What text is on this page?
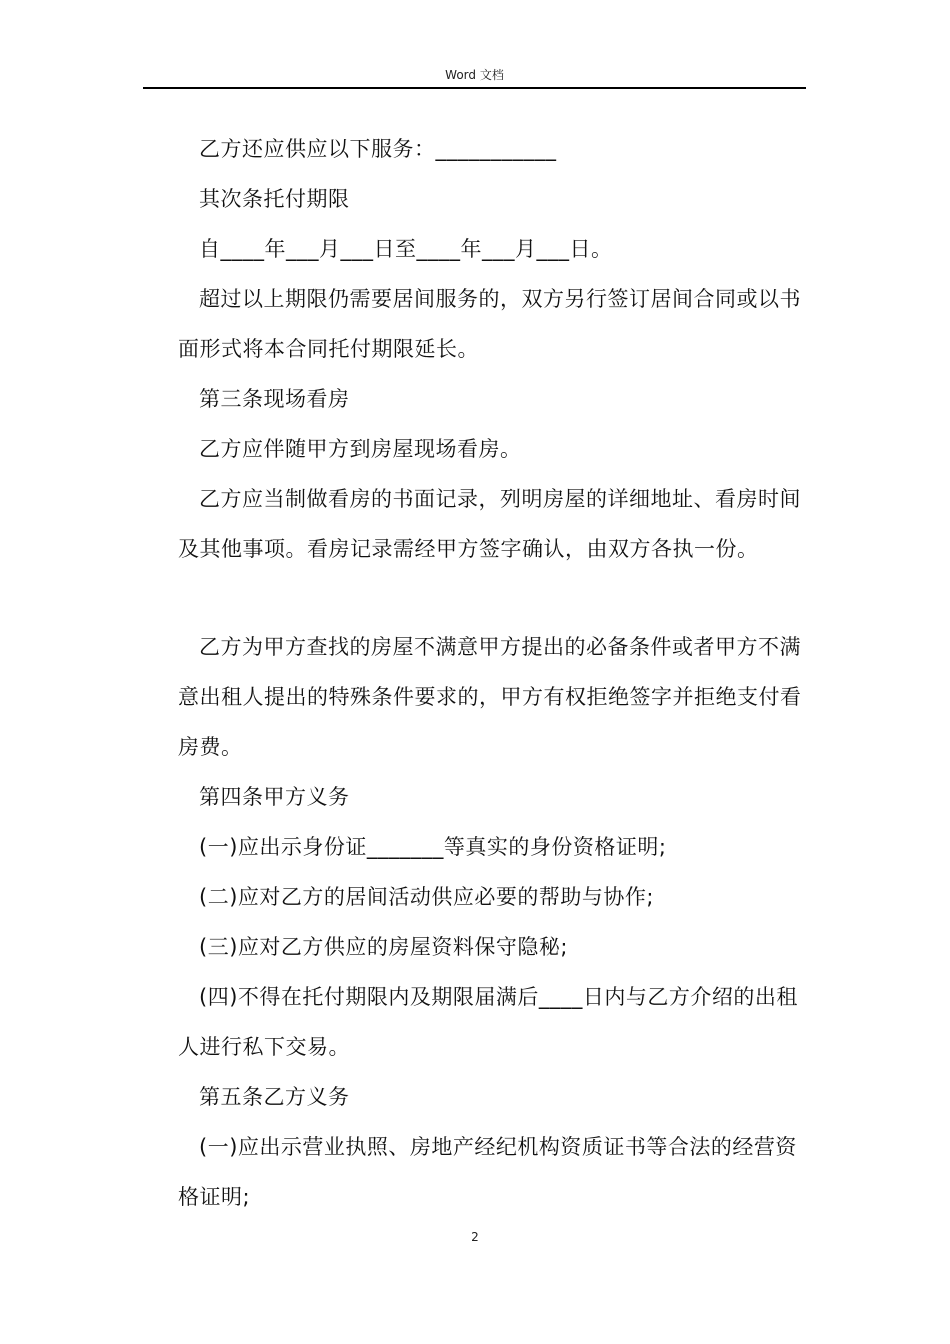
Word 文档

乙方还应供应以下服务：___________

其次条托付期限

自____年___月___日至____年___月___日。

超过以上期限仍需要居间服务的，双方另行签订居间合同或以书面形式将本合同托付期限延长。

第三条现场看房

乙方应伴随甲方到房屋现场看房。

乙方应当制做看房的书面记录，列明房屋的详细地址、看房时间及其他事项。看房记录需经甲方签字确认，由双方各执一份。

乙方为甲方查找的房屋不满意甲方提出的必备条件或者甲方不满意出租人提出的特殊条件要求的，甲方有权拒绝签字并拒绝支付看房费。

第四条甲方义务

(一)应出示身份证_______等真实的身份资格证明;

(二)应对乙方的居间活动供应必要的帮助与协作;

(三)应对乙方供应的房屋资料保守隐秘;

(四)不得在托付期限内及期限届满后____日内与乙方介绍的出租人进行私下交易。

第五条乙方义务

(一)应出示营业执照、房地产经纪机构资质证书等合法的经营资格证明;

2
